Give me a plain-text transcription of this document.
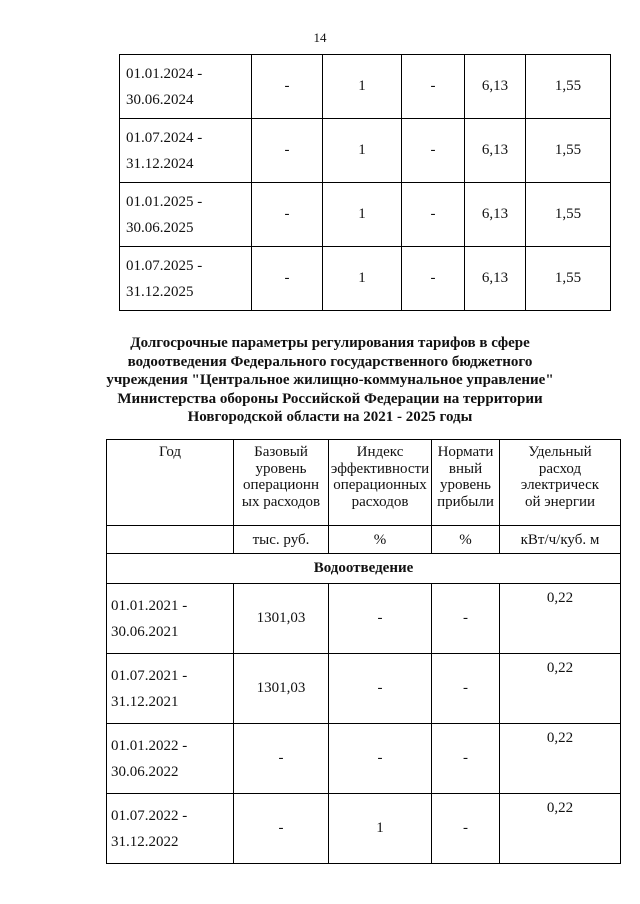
14
01.01.2024 -
30.06.2024	-	1	-	6,13	1,55
01.07.2024 -
31.12.2024	-	1	-	6,13	1,55
01.01.2025 -
30.06.2025	-	1	-	6,13	1,55
01.07.2025 -
31.12.2025	-	1	-	6,13	1,55
Долгосрочные параметры регулирования тарифов в сфере
водоотведения Федерального государственного бюджетного
учреждения "Центральное жилищно-коммунальное управление"
Министерства обороны Российской Федерации на территории
Новгородской области на 2021 - 2025 годы
Год	Базовый
уровень
операционн
ых расходов	Индекс
эффективности
операционных
расходов	Нормати
вный
уровень
прибыли	Удельный
расход
электрическ
ой энергии
	тыс. руб.	%	%	кВт/ч/куб. м
Водоотведение				
01.01.2021 -
30.06.2021	1301,03	-	-	0,22
01.07.2021 -
31.12.2021	1301,03	-	-	0,22
01.01.2022 -
30.06.2022	-	-	-	0,22
01.07.2022 -
31.12.2022	-	1	-	0,22
